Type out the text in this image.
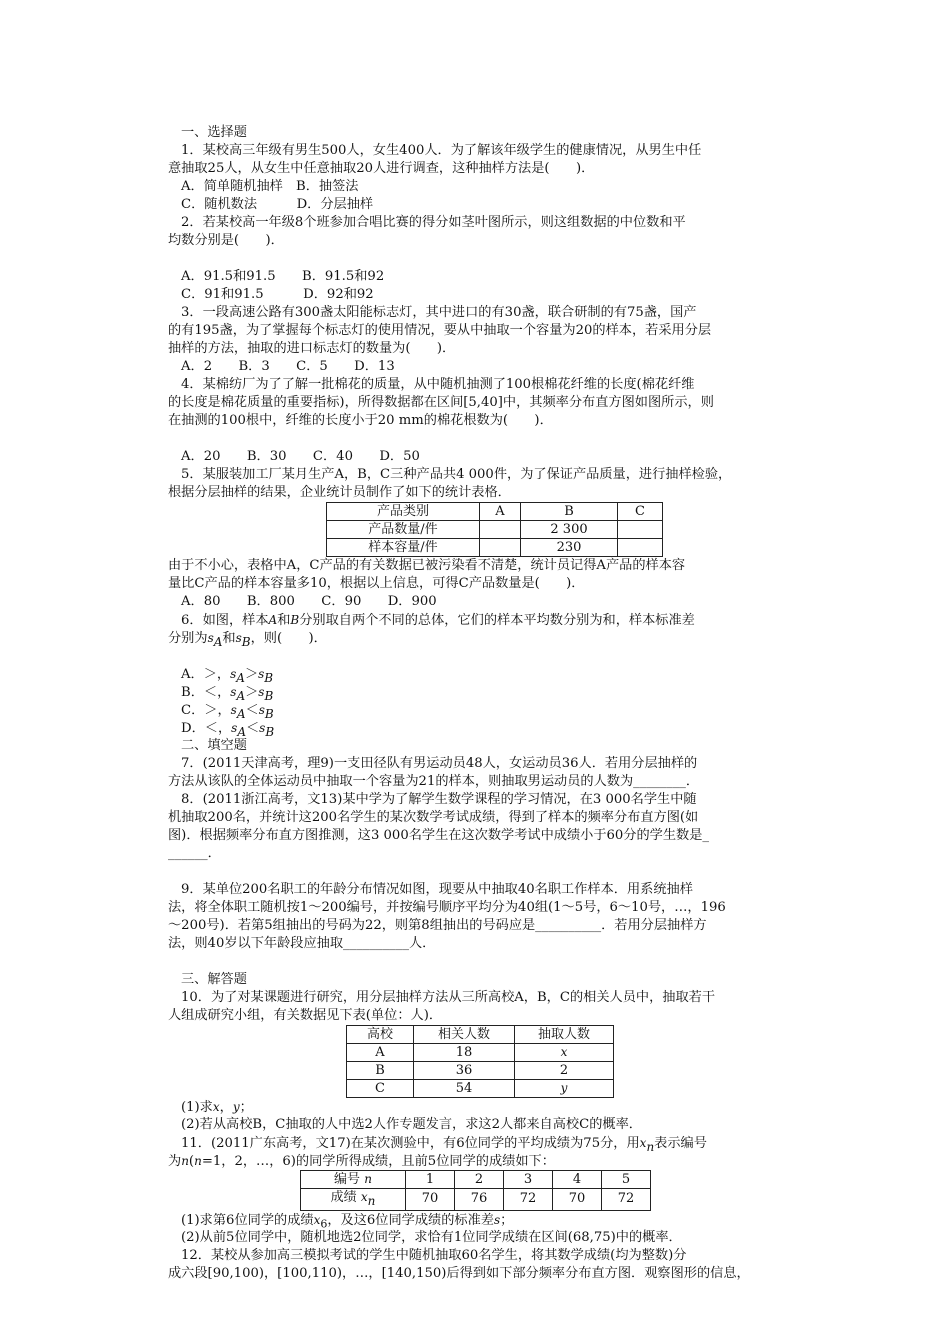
一、选择题
1．某校高三年级有男生500人，女生400人．为了解该年级学生的健康情况，从男生中任
意抽取25人，从女生中任意抽取20人进行调查，这种抽样方法是(　　)．
A．简单随机抽样　B．抽签法
C．随机数法　　　D．分层抽样
2．若某校高一年级8个班参加合唱比赛的得分如茎叶图所示，则这组数据的中位数和平
均数分别是(　　)．
A．91.5和91.5　　B．91.5和92
C．91和91.5　　　D．92和92
3．一段高速公路有300盏太阳能标志灯，其中进口的有30盏，联合研制的有75盏，国产
的有195盏，为了掌握每个标志灯的使用情况，要从中抽取一个容量为20的样本，若采用分层
抽样的方法，抽取的进口标志灯的数量为(　　)．
A．2　　B．3　　C．5　　D．13
4．某棉纺厂为了了解一批棉花的质量，从中随机抽测了100根棉花纤维的长度(棉花纤维
的长度是棉花质量的重要指标)，所得数据都在区间[5,40]中，其频率分布直方图如图所示，则
在抽测的100根中，纤维的长度小于20 mm的棉花根数为(　　)．
A．20　　B．30　　C．40　　D．50
5．某服装加工厂某月生产A，B，C三种产品共4 000件，为了保证产品质量，进行抽样检验，
根据分层抽样的结果，企业统计员制作了如下的统计表格．
产品类别	A	B	C
产品数量/件		2 300	
样本容量/件		230	
由于不小心，表格中A，C产品的有关数据已被污染看不清楚，统计员记得A产品的样本容
量比C产品的样本容量多10，根据以上信息，可得C产品数量是(　　)．
A．80　　B．800　　C．90　　D．900
6．如图，样本A和B分别取自两个不同的总体，它们的样本平均数分别为和，样本标准差
分别为$s_A$和$s_B$，则(　　)．
A．＞，$s_A>s_B$
B．＜，$s_A>s_B$
C．＞，$s_A<s_B$
D．＜，$s_A<s_B$
二、填空题
7．(2011天津高考，理9)一支田径队有男运动员48人，女运动员36人．若用分层抽样的
方法从该队的全体运动员中抽取一个容量为21的样本，则抽取男运动员的人数为________．
8．(2011浙江高考，文13)某中学为了解学生数学课程的学习情况，在3 000名学生中随
机抽取200名，并统计这200名学生的某次数学考试成绩，得到了样本的频率分布直方图(如
图)．根据频率分布直方图推测，这3 000名学生在这次数学考试中成绩小于60分的学生数是_
______．
9．某单位200名职工的年龄分布情况如图，现要从中抽取40名职工作样本．用系统抽样
法，将全体职工随机按1～200编号，并按编号顺序平均分为40组(1～5号，6～10号，…，196
～200号)．若第5组抽出的号码为22，则第8组抽出的号码应是__________．若用分层抽样方
法，则40岁以下年龄段应抽取__________人．
三、解答题
10．为了对某课题进行研究，用分层抽样方法从三所高校A，B，C的相关人员中，抽取若干
人组成研究小组，有关数据见下表(单位：人)．
高校	相关人数	抽取人数
A	18	x
B	36	2
C	54	y
(1)求x，y；
(2)若从高校B，C抽取的人中选2人作专题发言，求这2人都来自高校C的概率．
11．(2011广东高考，文17)在某次测验中，有6位同学的平均成绩为75分，用$x_n$表示编号
为n(n=1，2，…，6)的同学所得成绩，且前5位同学的成绩如下：
编号 n	1	2	3	4	5
成绩 $x_n$	70	76	72	70	72
(1)求第6位同学的成绩$x_6$，及这6位同学成绩的标准差s；
(2)从前5位同学中，随机地选2位同学，求恰有1位同学成绩在区间(68,75)中的概率．
12．某校从参加高三模拟考试的学生中随机抽取60名学生，将其数学成绩(均为整数)分
成六段[90,100)，[100,110)，…，[140,150)后得到如下部分频率分布直方图．观察图形的信息，
